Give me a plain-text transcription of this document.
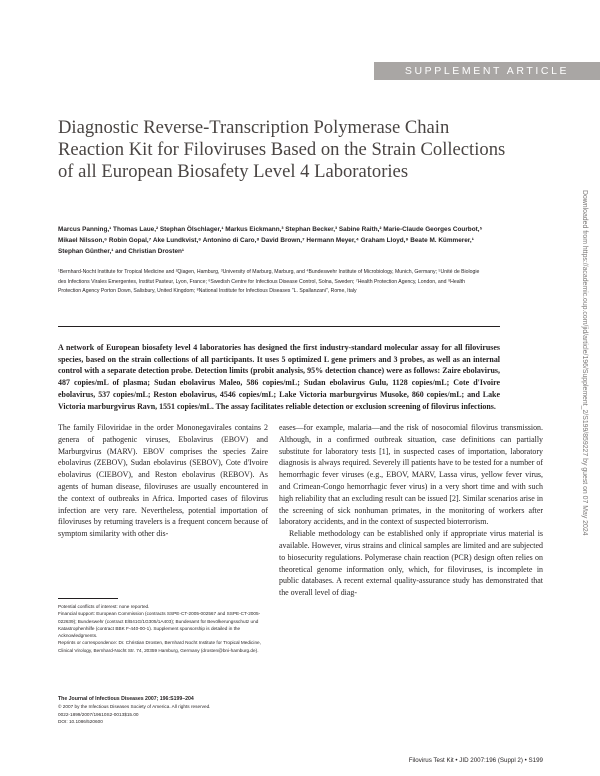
SUPPLEMENT ARTICLE
Diagnostic Reverse-Transcription Polymerase Chain Reaction Kit for Filoviruses Based on the Strain Collections of all European Biosafety Level 4 Laboratories
Marcus Panning,¹ Thomas Laue,² Stephan Ölschlager,¹ Markus Eickmann,³ Stephan Becker,³ Sabine Raith,² Marie-Claude Georges Courbot,⁵ Mikael Nilsson,⁶ Robin Gopal,⁷ Ake Lundkvist,⁶ Antonino di Caro,⁸ David Brown,⁷ Hermann Meyer,⁴ Graham Lloyd,⁹ Beate M. Kümmerer,¹ Stephan Günther,¹ and Christian Drosten¹
¹Bernhard-Nocht Institute for Tropical Medicine and ²Qiagen, Hamburg, ³University of Marburg, Marburg, and ⁴Bundeswehr Institute of Microbiology, Munich, Germany; ⁵Unité de Biologie des Infections Virales Emergentes, Institut Pasteur, Lyon, France; ⁶Swedish Centre for Infectious Disease Control, Solna, Sweden; ⁷Health Protection Agency, London, and ⁹Health Protection Agency Porton Down, Salisbury, United Kingdom; ⁸National Institute for Infectious Diseases "L. Spallanzani", Rome, Italy
A network of European biosafety level 4 laboratories has designed the first industry-standard molecular assay for all filoviruses species, based on the strain collections of all participants. It uses 5 optimized L gene primers and 3 probes, as well as an internal control with a separate detection probe. Detection limits (probit analysis, 95% detection chance) were as follows: Zaire ebolavirus, 487 copies/mL of plasma; Sudan ebolavirus Maleo, 586 copies/mL; Sudan ebolavirus Gulu, 1128 copies/mL; Cote d'Ivoire ebolavirus, 537 copies/mL; Reston ebolavirus, 4546 copies/mL; Lake Victoria marburgvirus Musoke, 860 copies/mL; and Lake Victoria marburgvirus Ravn, 1551 copies/mL. The assay facilitates reliable detection or exclusion screening of filovirus infections.

The family Filoviridae in the order Mononegavirales contains 2 genera of pathogenic viruses, Ebolavirus (EBOV) and Marburgvirus (MARV). EBOV comprises the species Zaire ebolavirus (ZEBOV), Sudan ebolavirus (SEBOV), Cote d'Ivoire ebolavirus (CIEBOV), and Reston ebolavirus (REBOV). As agents of human disease, filoviruses are usually encountered in the context of outbreaks in Africa. Imported cases of filovirus infection are very rare. Nevertheless, potential importation of filoviruses by returning travelers is a frequent concern because of symptom similarity with other dis-

eases—for example, malaria—and the risk of nosocomial filovirus transmission. Although, in a confirmed outbreak situation, case definitions can partially substitute for laboratory tests [1], in suspected cases of importation, laboratory diagnosis is always required. Severely ill patients have to be tested for a number of hemorrhagic fever viruses (e.g., EBOV, MARV, Lassa virus, yellow fever virus, and Crimean-Congo hemorrhagic fever virus) in a very short time and with such high reliability that an excluding result can be issued [2]. Similar scenarios arise in the screening of sick nonhuman primates, in the monitoring of workers after laboratory accidents, and in the context of suspected bioterrorism.

Reliable methodology can be established only if appropriate virus material is available. However, virus strains and clinical samples are limited and are subjected to biosecurity regulations. Polymerase chain reaction (PCR) design often relies on theoretical genome information only, which, for filoviruses, is incomplete in public databases. A recent external quality-assurance study has demonstrated that the overall level of diag-

Potential conflicts of interest: none reported.

Financial support: European Commission (contracts SSPE-CT-2005-002567 and SSPE-CT-2005-022639); Bundeswehr (contract E/B41G/1G305/1A403); Bundesamt für Bevölkerungsschutz und Katastrophenhilfe (contract BBK F-440-00-1). Supplement sponsorship is detailed in the Acknowledgments.

Reprints or correspondence: Dr. Christian Drosten, Bernhard Nocht Institute for Tropical Medicine, Clinical Virology, Bernhard-Nocht Str. 74, 20359 Hamburg, Germany (drosten@bni-hamburg.de).

The Journal of Infectious Diseases 2007; 196:S199–204

© 2007 by the Infectious Diseases Society of America. All rights reserved.

0022-1899/2007/19610S2-0013$15.00

DOI: 10.1086/520600

Filovirus Test Kit • JID 2007:196 (Suppl 2) • S199
Downloaded from https://academic.oup.com/jid/article/196/Supplement_2/S199/859227 by guest on 07 May 2024
